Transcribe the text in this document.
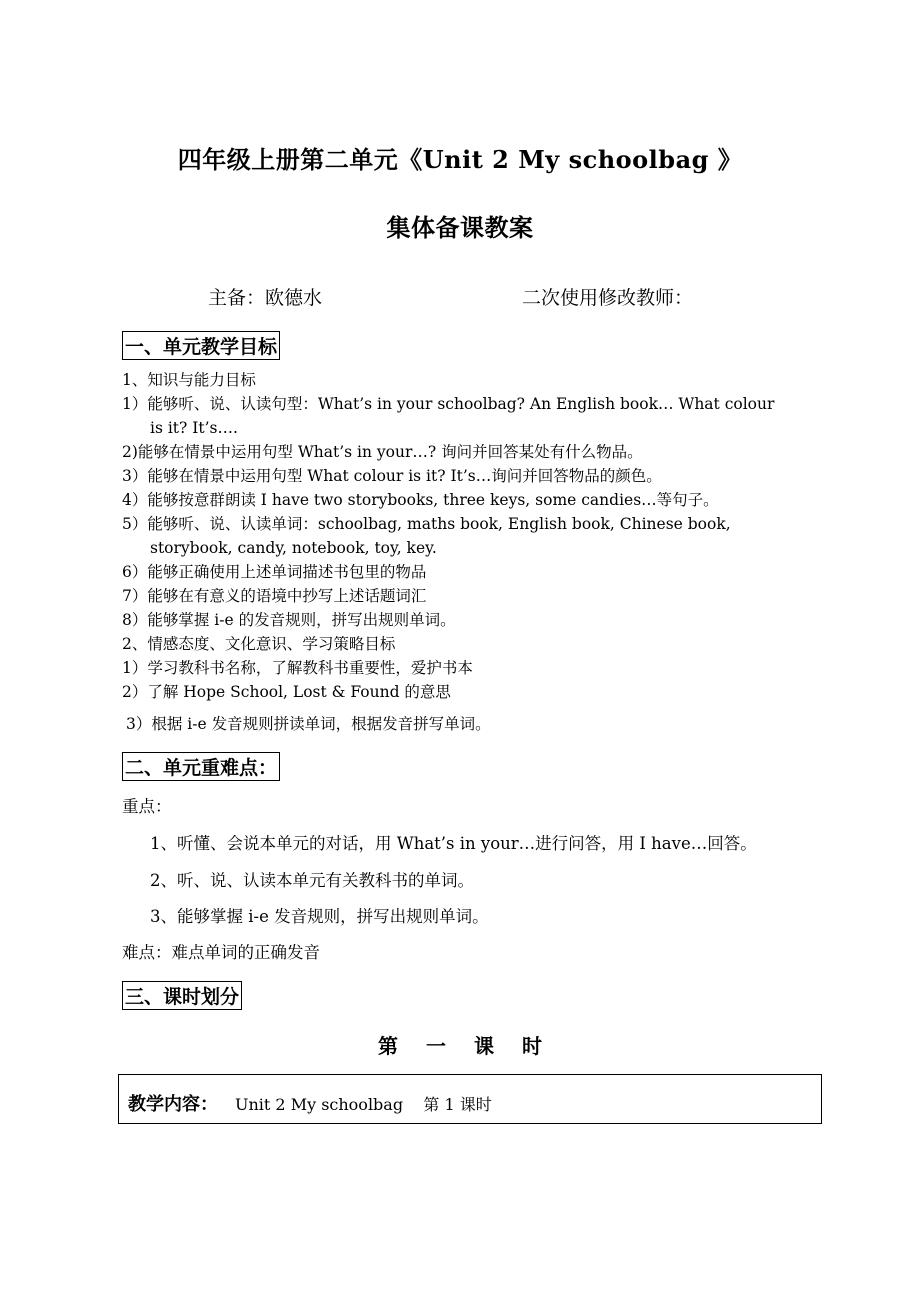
四年级上册第二单元《Unit 2 My schoolbag 》
集体备课教案
主备：欧德水	二次使用修改教师：
一、单元教学目标
1、知识与能力目标
1）能够听、说、认读句型：What’s in your schoolbag? An English book… What colour
is it? It’s….
2)能够在情景中运用句型 What’s in your…? 询问并回答某处有什么物品。
3）能够在情景中运用句型 What colour is it? It’s…询问并回答物品的颜色。
4）能够按意群朗读 I have two storybooks, three keys, some candies…等句子。
5）能够听、说、认读单词：schoolbag, maths book, English book, Chinese book,
storybook, candy, notebook, toy, key.
6）能够正确使用上述单词描述书包里的物品
7）能够在有意义的语境中抄写上述话题词汇
8）能够掌握 i-e 的发音规则，拼写出规则单词。
2、情感态度、文化意识、学习策略目标
1）学习教科书名称，了解教科书重要性，爱护书本
2）了解 Hope School, Lost & Found 的意思
3）根据 i-e 发音规则拼读单词，根据发音拼写单词。
二、单元重难点：
重点：
1、听懂、会说本单元的对话，用 What’s in your…进行问答，用 I have…回答。
2、听、说、认读本单元有关教科书的单词。
3、能够掌握 i-e 发音规则，拼写出规则单词。
难点：难点单词的正确发音
三、课时划分
第 一 课 时
教学内容： Unit 2 My schoolbag    第 1 课时
